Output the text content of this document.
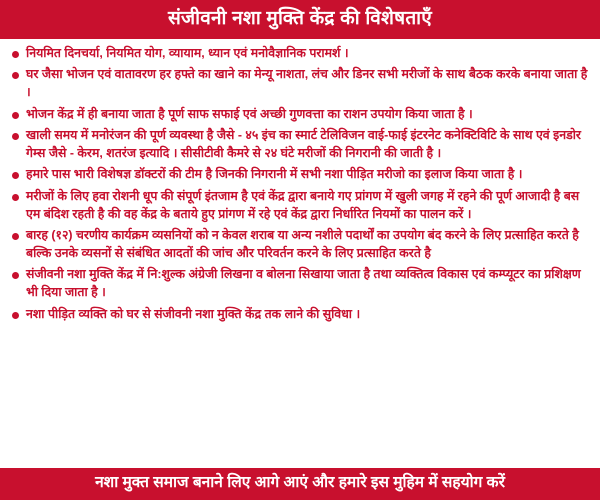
संजीवनी नशा मुक्ति केंद्र की विशेषताएँ
नियमित दिनचर्या, नियमित योग, व्यायाम, ध्यान एवं मनोवैज्ञानिक परामर्श ।
घर जैसा भोजन एवं वातावरण हर हफ्ते का खाने का मेन्यू नाशता, लंच और डिनर सभी मरीजों के साथ बैठक करके बनाया जाता है ।
भोजन केंद्र में ही बनाया जाता है पूर्ण साफ सफाई एवं अच्छी गुणवत्ता का राशन उपयोग किया जाता है ।
खाली समय में मनोरंजन की पूर्ण व्यवस्था है जैसे - ४५ इंच का स्मार्ट टेलिविजन वाई-फाई इंटरनेट कनेक्टिविटि के साथ एवं इनडोर गेम्स जैसे - केरम, शतरंज इत्यादि । सीसीटीवी कैमरे से २४ घंटे मरीजों की निगरानी की जाती है ।
हमारे पास भारी विशेषज्ञ डॉक्टरों की टीम है जिनकी निगरानी में सभी नशा पीड़ित मरीजो का इलाज किया जाता है ।
मरीजों के लिए हवा रोशनी धूप की संपूर्ण इंतजाम है एवं केंद्र द्वारा बनाये गए प्रांगण में खुली जगह में रहने की पूर्ण आजादी है बस एम बंदिश रहती है की वह केंद्र के बताये हुए प्रांगण में रहे एवं केंद्र द्वारा निर्धारित नियमों का पालन करें ।
बारह (१२) चरणीय कार्यक्रम व्यसनियों को न केवल शराब या अन्य नशीले पदार्थों का उपयोग बंद करने के लिए प्रत्साहित करते है बल्कि उनके व्यसनों से संबंधित आदतों की जांच और परिवर्तन करने के लिए प्रत्साहित करते है
संजीवनी नशा मुक्ति केंद्र में नि:शुल्क अंग्रेजी लिखना व बोलना सिखाया जाता है तथा व्यक्तित्व विकास एवं कम्प्यूटर का प्रशिक्षण भी दिया जाता है ।
नशा पीड़ित व्यक्ति को घर से संजीवनी नशा मुक्ति केंद्र तक लाने की सुविधा ।
नशा मुक्त समाज बनाने लिए आगे आएं और हमारे इस मुहिम में सहयोग करें
